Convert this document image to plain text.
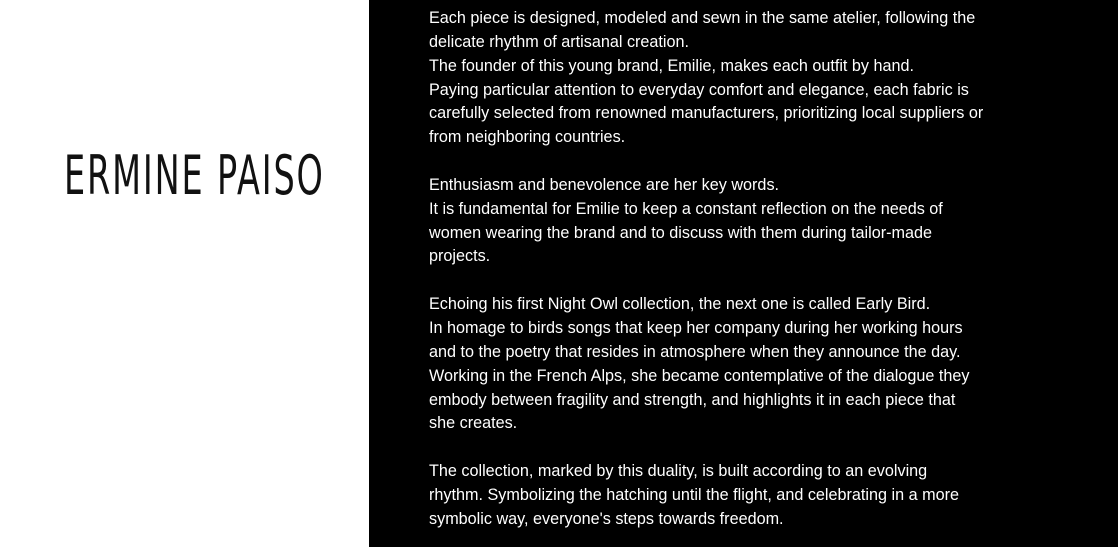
ERMINE PAISO

Each piece is designed, modeled and sewn in the same atelier, following the
delicate rhythm of artisanal creation.
The founder of this young brand, Emilie, makes each outfit by hand.
Paying particular attention to everyday comfort and elegance, each fabric is
carefully selected from renowned manufacturers, prioritizing local suppliers or
from neighboring countries.

Enthusiasm and benevolence are her key words.
It is fundamental for Emilie to keep a constant reflection on the needs of
women wearing the brand and to discuss with them during tailor-made
projects.

Echoing his first Night Owl collection, the next one is called Early Bird.
In homage to birds songs that keep her company during her working hours
and to the poetry that resides in atmosphere when they announce the day.
Working in the French Alps, she became contemplative of the dialogue they
embody between fragility and strength, and highlights it in each piece that
she creates.

The collection, marked by this duality, is built according to an evolving
rhythm. Symbolizing the hatching until the flight, and celebrating in a more
symbolic way, everyone's steps towards freedom.
